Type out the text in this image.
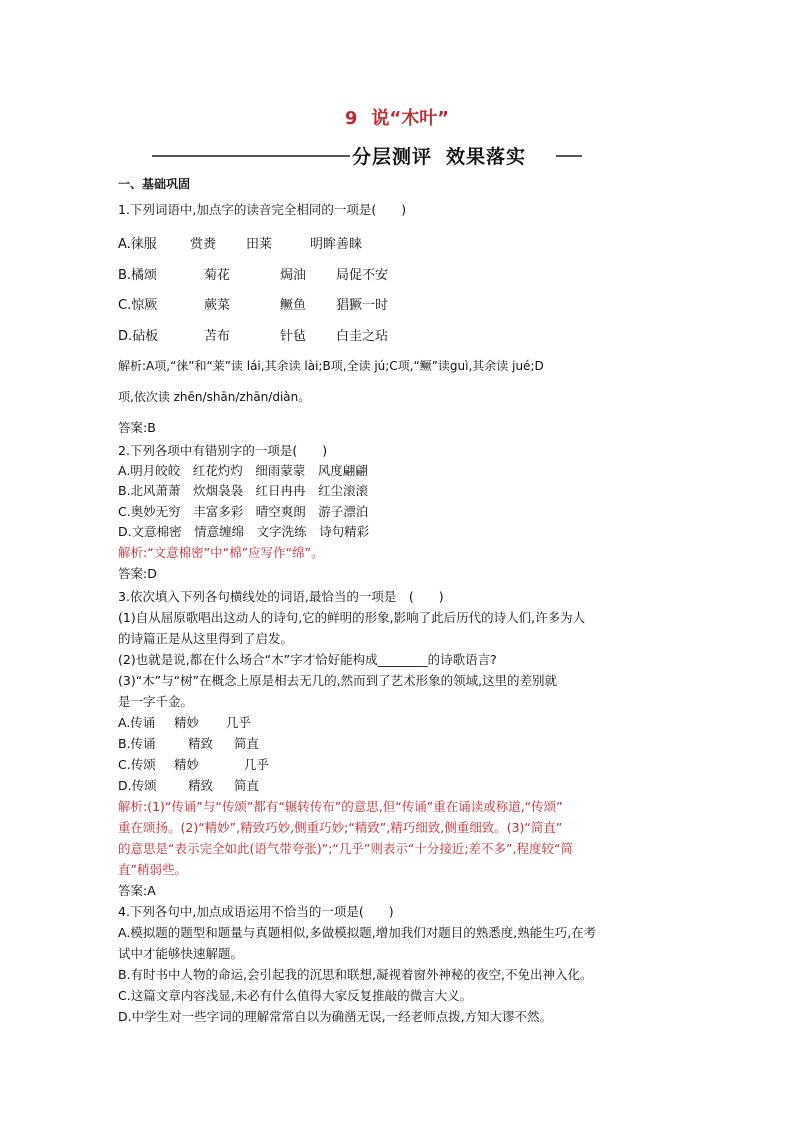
9 说“木叶”
分层测评 效果落实
一、基础巩固
1.下列词语中,加点字的读音完全相同的一项是(　　)
A.徕服	赏赉 田莱	明眸善睐
B.橘颂	菊花	焗油 局促不安
C.惊厥	蕨菜	鳜鱼 猖獗一时
D.砧板	苫布	针毡 白圭之玷
解析:A项,“徕”和“莱”读 lái,其余读 lài;B项,全读 jú;C项,“鳜”读guì,其余读 jué;D
项,依次读 zhēn/shān/zhān/diàn。
答案:B
2.下列各项中有错别字的一项是(　　)
A.明月皎皎　红花灼灼　细雨蒙蒙　风度翩翩
B.北风萧萧　炊烟袅袅　红日冉冉　红尘滚滚
C.奥妙无穷　丰富多彩　晴空爽朗　游子漂泊
D.文意棉密　情意缠绵　文字洗练　诗句精彩
解析:“文意棉密”中“棉”应写作“绵”。
答案:D
3.依次填入下列各句横线处的词语,最恰当的一项是　(　　)
(1)自从屈原歌唱出这动人的诗句,它的鲜明的形象,影响了此后历代的诗人们,许多为人
的诗篇正是从这里得到了启发。
(2)也就是说,都在什么场合“木”字才恰好能构成________的诗歌语言?
(3)“木”与“树”在概念上原是相去无几的,然而到了艺术形象的领域,这里的差别就
是一字千金。
A.传诵 精妙 几乎
B.传诵	精致 简直
C.传颂 精妙	几乎
D.传颂	精致 简直
解析:(1)“传诵”与“传颂”都有“辗转传布”的意思,但“传诵”重在诵读或称道,“传颂”
重在颂扬。(2)“精妙”,精致巧妙,侧重巧妙;“精致”,精巧细致,侧重细致。(3)“简直”
的意思是“表示完全如此(语气带夸张)”;“几乎”则表示“十分接近;差不多”,程度较“简
直”稍弱些。
答案:A
4.下列各句中,加点成语运用不恰当的一项是(　　)
A.模拟题的题型和题量与真题相似,多做模拟题,增加我们对题目的熟悉度,熟能生巧,在考
试中才能够快速解题。
B.有时书中人物的命运,会引起我的沉思和联想,凝视着窗外神秘的夜空,不免出神入化。
C.这篇文章内容浅显,未必有什么值得大家反复推敲的微言大义。
D.中学生对一些字词的理解常常自以为确凿无误,一经老师点拨,方知大谬不然。
